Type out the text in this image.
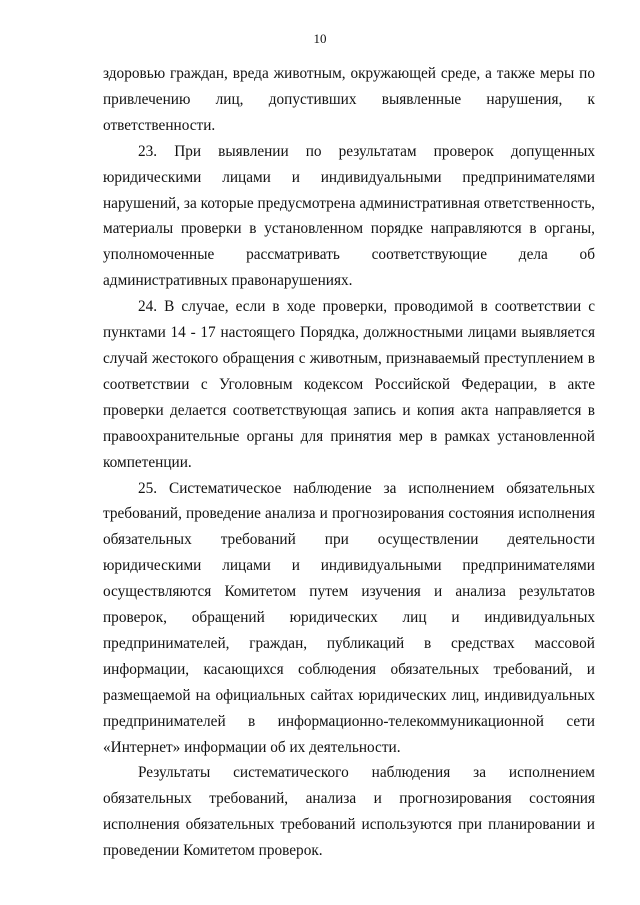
10

здоровью граждан, вреда животным, окружающей среде, а также меры по привлечению лиц, допустивших выявленные нарушения, к ответственности.

23. При выявлении по результатам проверок допущенных юридическими лицами и индивидуальными предпринимателями нарушений, за которые предусмотрена административная ответственность, материалы проверки в установленном порядке направляются в органы, уполномоченные рассматривать соответствующие дела об административных правонарушениях.

24. В случае, если в ходе проверки, проводимой в соответствии с пунктами 14 - 17 настоящего Порядка, должностными лицами выявляется случай жестокого обращения с животным, признаваемый преступлением в соответствии с Уголовным кодексом Российской Федерации, в акте проверки делается соответствующая запись и копия акта направляется в правоохранительные органы для принятия мер в рамках установленной компетенции.

25. Систематическое наблюдение за исполнением обязательных требований, проведение анализа и прогнозирования состояния исполнения обязательных требований при осуществлении деятельности юридическими лицами и индивидуальными предпринимателями осуществляются Комитетом путем изучения и анализа результатов проверок, обращений юридических лиц и индивидуальных предпринимателей, граждан, публикаций в средствах массовой информации, касающихся соблюдения обязательных требований, и размещаемой на официальных сайтах юридических лиц, индивидуальных предпринимателей в информационно-телекоммуникационной сети «Интернет» информации об их деятельности.

Результаты систематического наблюдения за исполнением обязательных требований, анализа и прогнозирования состояния исполнения обязательных требований используются при планировании и проведении Комитетом проверок.
